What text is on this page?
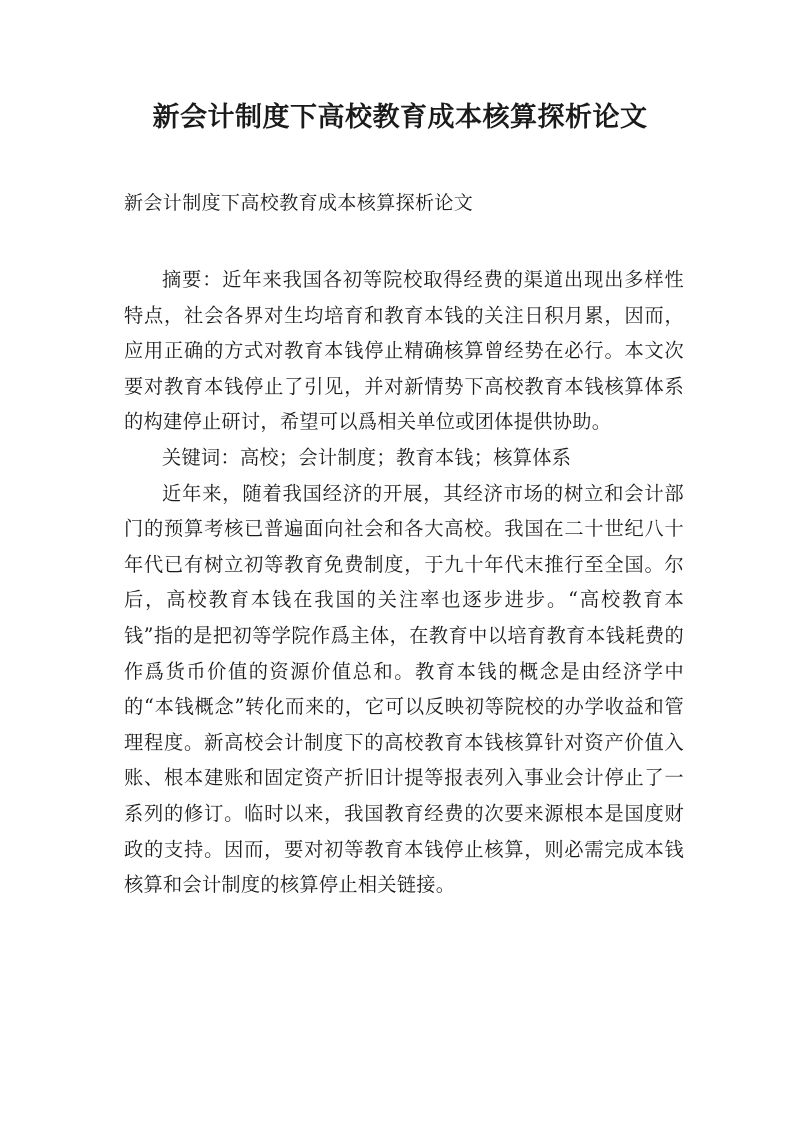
新会计制度下高校教育成本核算探析论文
新会计制度下高校教育成本核算探析论文

摘要：近年来我国各初等院校取得经费的渠道出现出多样性特点，社会各界对生均培育和教育本钱的关注日积月累，因而，应用正确的方式对教育本钱停止精确核算曾经势在必行。本文次要对教育本钱停止了引见，并对新情势下高校教育本钱核算体系的构建停止研讨，希望可以爲相关单位或团体提供协助。

关键词：高校；会计制度；教育本钱；核算体系

近年来，随着我国经济的开展，其经济市场的树立和会计部门的预算考核已普遍面向社会和各大高校。我国在二十世纪八十年代已有树立初等教育免费制度，于九十年代末推行至全国。尔后，高校教育本钱在我国的关注率也逐步进步。“高校教育本钱”指的是把初等学院作爲主体，在教育中以培育教育本钱耗费的作爲货币价值的资源价值总和。教育本钱的概念是由经济学中的“本钱概念”转化而来的，它可以反映初等院校的办学收益和管理程度。新高校会计制度下的高校教育本钱核算针对资产价值入账、根本建账和固定资产折旧计提等报表列入事业会计停止了一系列的修订。临时以来，我国教育经费的次要来源根本是国度财政的支持。因而，要对初等教育本钱停止核算，则必需完成本钱核算和会计制度的核算停止相关链接。
